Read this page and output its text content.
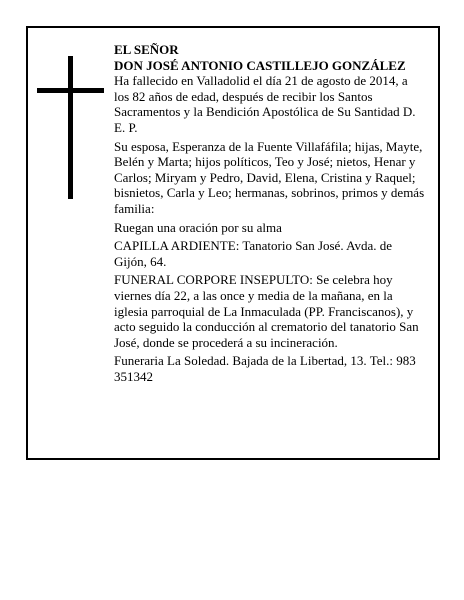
EL SEÑOR

DON JOSÉ ANTONIO CASTILLEJO GONZÁLEZ

Ha fallecido en Valladolid el día 21 de agosto de 2014, a los 82 años de edad, después de recibir los Santos Sacramentos y la Bendición Apostólica de Su Santidad D. E. P.

Su esposa, Esperanza de la Fuente Villafáfila; hijas, Mayte, Belén y Marta; hijos políticos, Teo y José; nietos, Henar y Carlos; Miryam y Pedro, David, Elena, Cristina y Raquel; bisnietos, Carla y Leo; hermanas, sobrinos, primos y demás familia:

Ruegan una oración por su alma

CAPILLA ARDIENTE: Tanatorio San José. Avda. de Gijón, 64.

FUNERAL CORPORE INSEPULTO: Se celebra hoy viernes día 22, a las once y media de la mañana, en la iglesia parroquial de La Inmaculada (PP. Franciscanos), y acto seguido la conducción al crematorio del tanatorio San José, donde se procederá a su incineración.

Funeraria La Soledad. Bajada de la Libertad, 13. Tel.: 983 351342
